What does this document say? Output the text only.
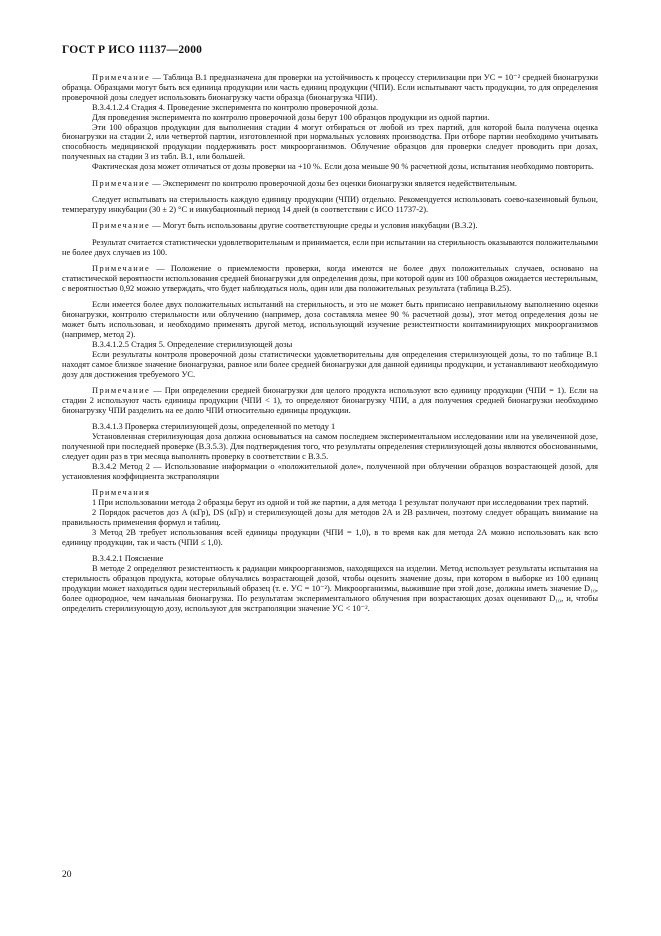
ГОСТ Р ИСО 11137—2000

Примечание — Таблица В.1 предназначена для проверки на устойчивость к процессу стерилизации при УС = 10⁻² средней бионагрузки образца. Образцами могут быть вся единица продукции или часть единиц продукции (ЧПИ). Если испытывают часть продукции, то для определения проверочной дозы следует использовать бионагрузку части образца (бионагрузка ЧПИ).

В.3.4.1.2.4 Стадия 4. Проведение эксперимента по контролю проверочной дозы.

Для проведения эксперимента по контролю проверочной дозы берут 100 образцов продукции из одной партии.

Эти 100 образцов продукции для выполнения стадии 4 могут отбираться от любой из трех партий, для которой была получена оценка бионагрузки на стадии 2, или четвертой партии, изготовленной при нормальных условиях производства. При отборе партии необходимо учитывать способность медицинской продукции поддерживать рост микроорганизмов. Облучение образцов для проверки следует проводить при дозах, полученных на стадии 3 из табл. В.1, или большей.

Фактическая доза может отличаться от дозы проверки на +10 %. Если доза меньше 90 % расчетной дозы, испытания необходимо повторить.

Примечание — Эксперимент по контролю проверочной дозы без оценки бионагрузки является недействительным.

Следует испытывать на стерильность каждую единицу продукции (ЧПИ) отдельно. Рекомендуется использовать соево-казеиновый бульон, температуру инкубации (30 ± 2) °С и инкубационный период 14 дней (в соответствии с ИСО 11737-2).

Примечание — Могут быть использованы другие соответствующие среды и условия инкубации (В.3.2).

Результат считается статистически удовлетворительным и принимается, если при испытании на стерильность оказываются положительными не более двух случаев из 100.

Примечание — Положение о приемлемости проверки, когда имеются не более двух положительных случаев, основано на статистической вероятности использования средней бионагрузки для определения дозы, при которой один из 100 образцов ожидается нестерильным, с вероятностью 0,92 можно утверждать, что будет наблюдаться ноль, один или два положительных результата (таблица В.25).

Если имеется более двух положительных испытаний на стерильность, и это не может быть приписано неправильному выполнению оценки бионагрузки, контролю стерильности или облучению (например, доза составляла менее 90 % расчетной дозы), этот метод определения дозы не может быть использован, и необходимо применять другой метод, использующий изучение резистентности контаминирующих микроорганизмов (например, метод 2).

В.3.4.1.2.5 Стадия 5. Определение стерилизующей дозы

Если результаты контроля проверочной дозы статистически удовлетворительны для определения стерилизующей дозы, то по таблице В.1 находят самое близкое значение бионагрузки, равное или более средней бионагрузки для данной единицы продукции, и устанавливают необходимую дозу для достижения требуемого УС.

Примечание — При определении средней бионагрузки для целого продукта используют всю единицу продукции (ЧПИ = 1). Если на стадии 2 используют часть единицы продукции (ЧПИ < 1), то определяют бионагрузку ЧПИ, а для получения средней бионагрузки необходимо бионагрузку ЧПИ разделить на ее долю ЧПИ относительно единицы продукции.

В.3.4.1.3 Проверка стерилизующей дозы, определенной по методу 1

Установленная стерилизующая доза должна основываться на самом последнем экспериментальном исследовании или на увеличенной дозе, полученной при последней проверке (В.3.5.3). Для подтверждения того, что результаты определения стерилизующей дозы являются обоснованными, следует один раз в три месяца выполнять проверку в соответствии с В.3.5.

В.3.4.2 Метод 2 — Использование информации о «положительной доле», полученной при облучении образцов возрастающей дозой, для установления коэффициента экстраполяции

Примечания

1 При использовании метода 2 образцы берут из одной и той же партии, а для метода 1 результат получают при исследовании трех партий.

2 Порядок расчетов доз A (кГр), DS (кГр) и стерилизующей дозы для методов 2А и 2В различен, поэтому следует обращать внимание на правильность применения формул и таблиц.

3 Метод 2В требует использования всей единицы продукции (ЧПИ = 1,0), в то время как для метода 2А можно использовать как всю единицу продукции, так и часть (ЧПИ ≤ 1,0).

В.3.4.2.1 Пояснение

В методе 2 определяют резистентность к радиации микроорганизмов, находящихся на изделии. Метод использует результаты испытания на стерильность образцов продукта, которые облучались возрастающей дозой, чтобы оценить значение дозы, при котором в выборке из 100 единиц продукции может находиться один нестерильный образец (т. е. УС = 10⁻²). Микроорганизмы, выжившие при этой дозе, должны иметь значение D₁₀, более однородное, чем начальная бионагрузка. По результатам экспериментального облучения при возрастающих дозах оценивают D₁₀, и, чтобы определить стерилизующую дозу, используют для экстраполяции значение УС < 10⁻².

20
